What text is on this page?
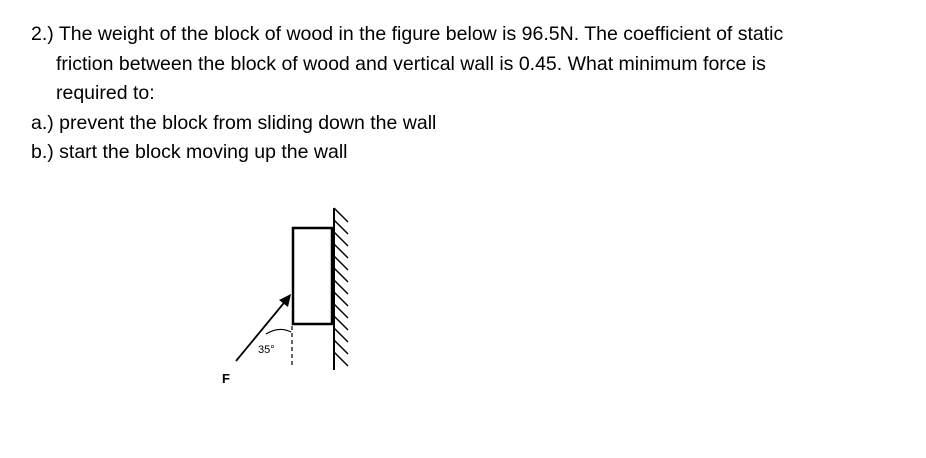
2.) The weight of the block of wood in the figure below is 96.5N. The coefficient of static
friction between the block of wood and vertical wall is 0.45. What minimum force is
required to:
a.) prevent the block from sliding down the wall
b.) start the block moving up the wall
35°
F
